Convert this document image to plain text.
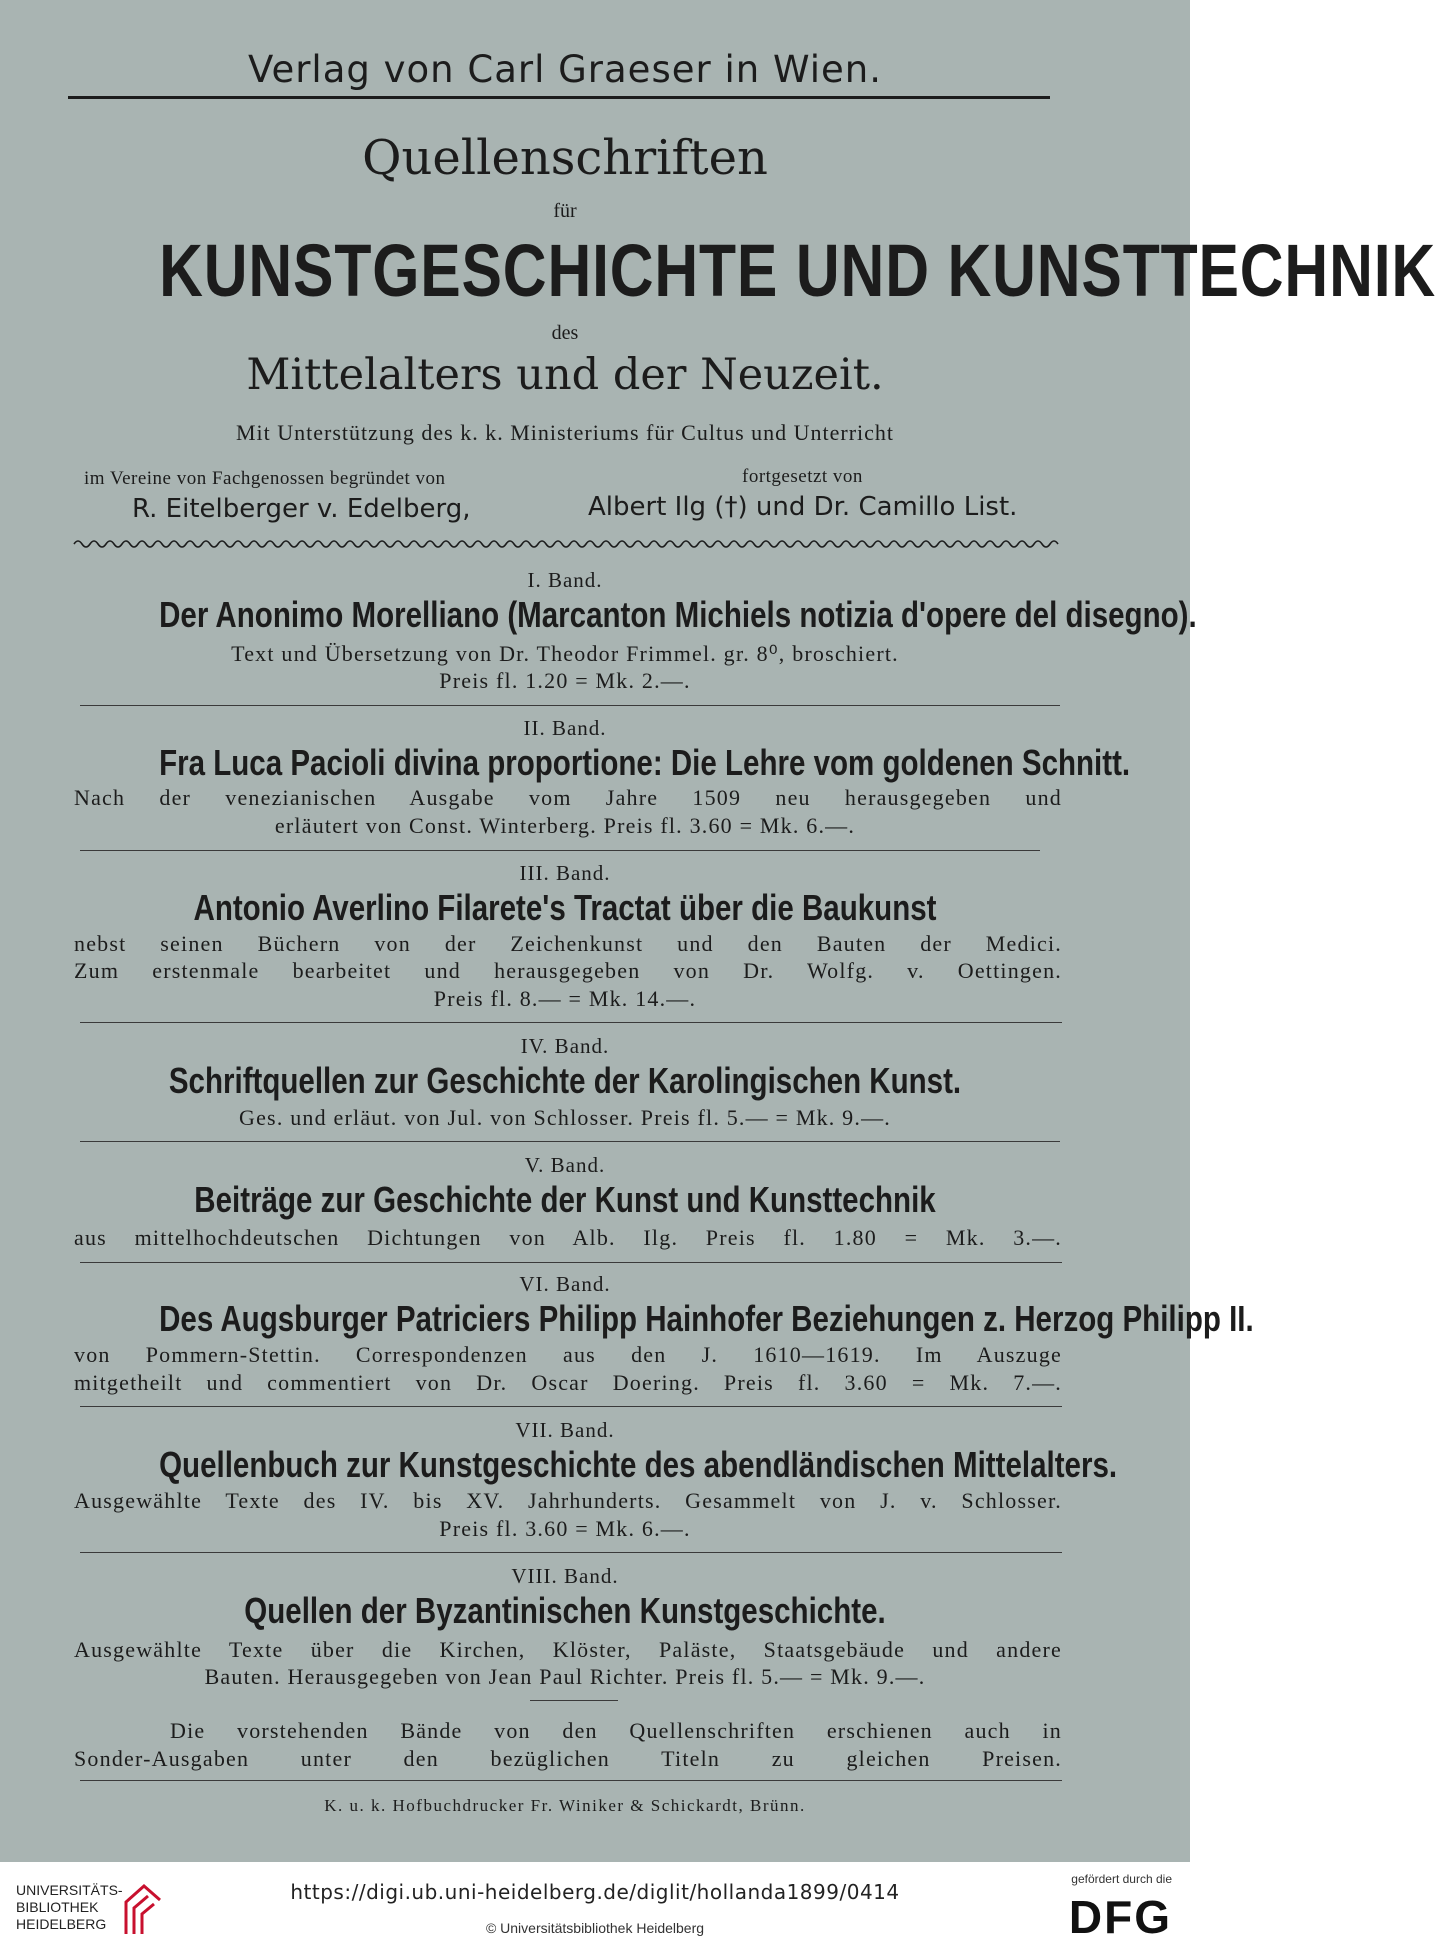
Verlag von Carl Graeser in Wien.
Quellenschriften
für
KUNSTGESCHICHTE UND KUNSTTECHNIK
des
Mittelalters und der Neuzeit.
Mit Unterstützung des k. k. Ministeriums für Cultus und Unterricht
im Vereine von Fachgenossen begründet von	fortgesetzt von
R. Eitelberger v. Edelberg,	Albert Ilg (†) und Dr. Camillo List.
I. Band.
Der Anonimo Morelliano (Marcanton Michiels notizia d'opere del disegno).
Text und Übersetzung von Dr. Theodor Frimmel. gr. 8⁰, broschiert.
Preis fl. 1.20 = Mk. 2.—.
II. Band.
Fra Luca Pacioli divina proportione: Die Lehre vom goldenen Schnitt.
Nach der venezianischen Ausgabe vom Jahre 1509 neu herausgegeben und
erläutert von Const. Winterberg. Preis fl. 3.60 = Mk. 6.—.
III. Band.
Antonio Averlino Filarete's Tractat über die Baukunst
nebst seinen Büchern von der Zeichenkunst und den Bauten der Medici.
Zum erstenmale bearbeitet und herausgegeben von Dr. Wolfg. v. Oettingen.
Preis fl. 8.— = Mk. 14.—.
IV. Band.
Schriftquellen zur Geschichte der Karolingischen Kunst.
Ges. und erläut. von Jul. von Schlosser. Preis fl. 5.— = Mk. 9.—.
V. Band.
Beiträge zur Geschichte der Kunst und Kunsttechnik
aus mittelhochdeutschen Dichtungen von Alb. Ilg. Preis fl. 1.80 = Mk. 3.—.
VI. Band.
Des Augsburger Patriciers Philipp Hainhofer Beziehungen z. Herzog Philipp II.
von Pommern-Stettin. Correspondenzen aus den J. 1610—1619. Im Auszuge
mitgetheilt und commentiert von Dr. Oscar Doering. Preis fl. 3.60 = Mk. 7.—.
VII. Band.
Quellenbuch zur Kunstgeschichte des abendländischen Mittelalters.
Ausgewählte Texte des IV. bis XV. Jahrhunderts. Gesammelt von J. v. Schlosser.
Preis fl. 3.60 = Mk. 6.—.
VIII. Band.
Quellen der Byzantinischen Kunstgeschichte.
Ausgewählte Texte über die Kirchen, Klöster, Paläste, Staatsgebäude und andere
Bauten. Herausgegeben von Jean Paul Richter. Preis fl. 5.— = Mk. 9.—.
Die vorstehenden Bände von den Quellenschriften erschienen auch in
Sonder-Ausgaben unter den bezüglichen Titeln zu gleichen Preisen.
K. u. k. Hofbuchdrucker Fr. Winiker & Schickardt, Brünn.
UNIVERSITÄTS-
BIBLIOTHEK
HEIDELBERG
https://digi.ub.uni-heidelberg.de/diglit/hollanda1899/0414
© Universitätsbibliothek Heidelberg
gefördert durch die
DFG
